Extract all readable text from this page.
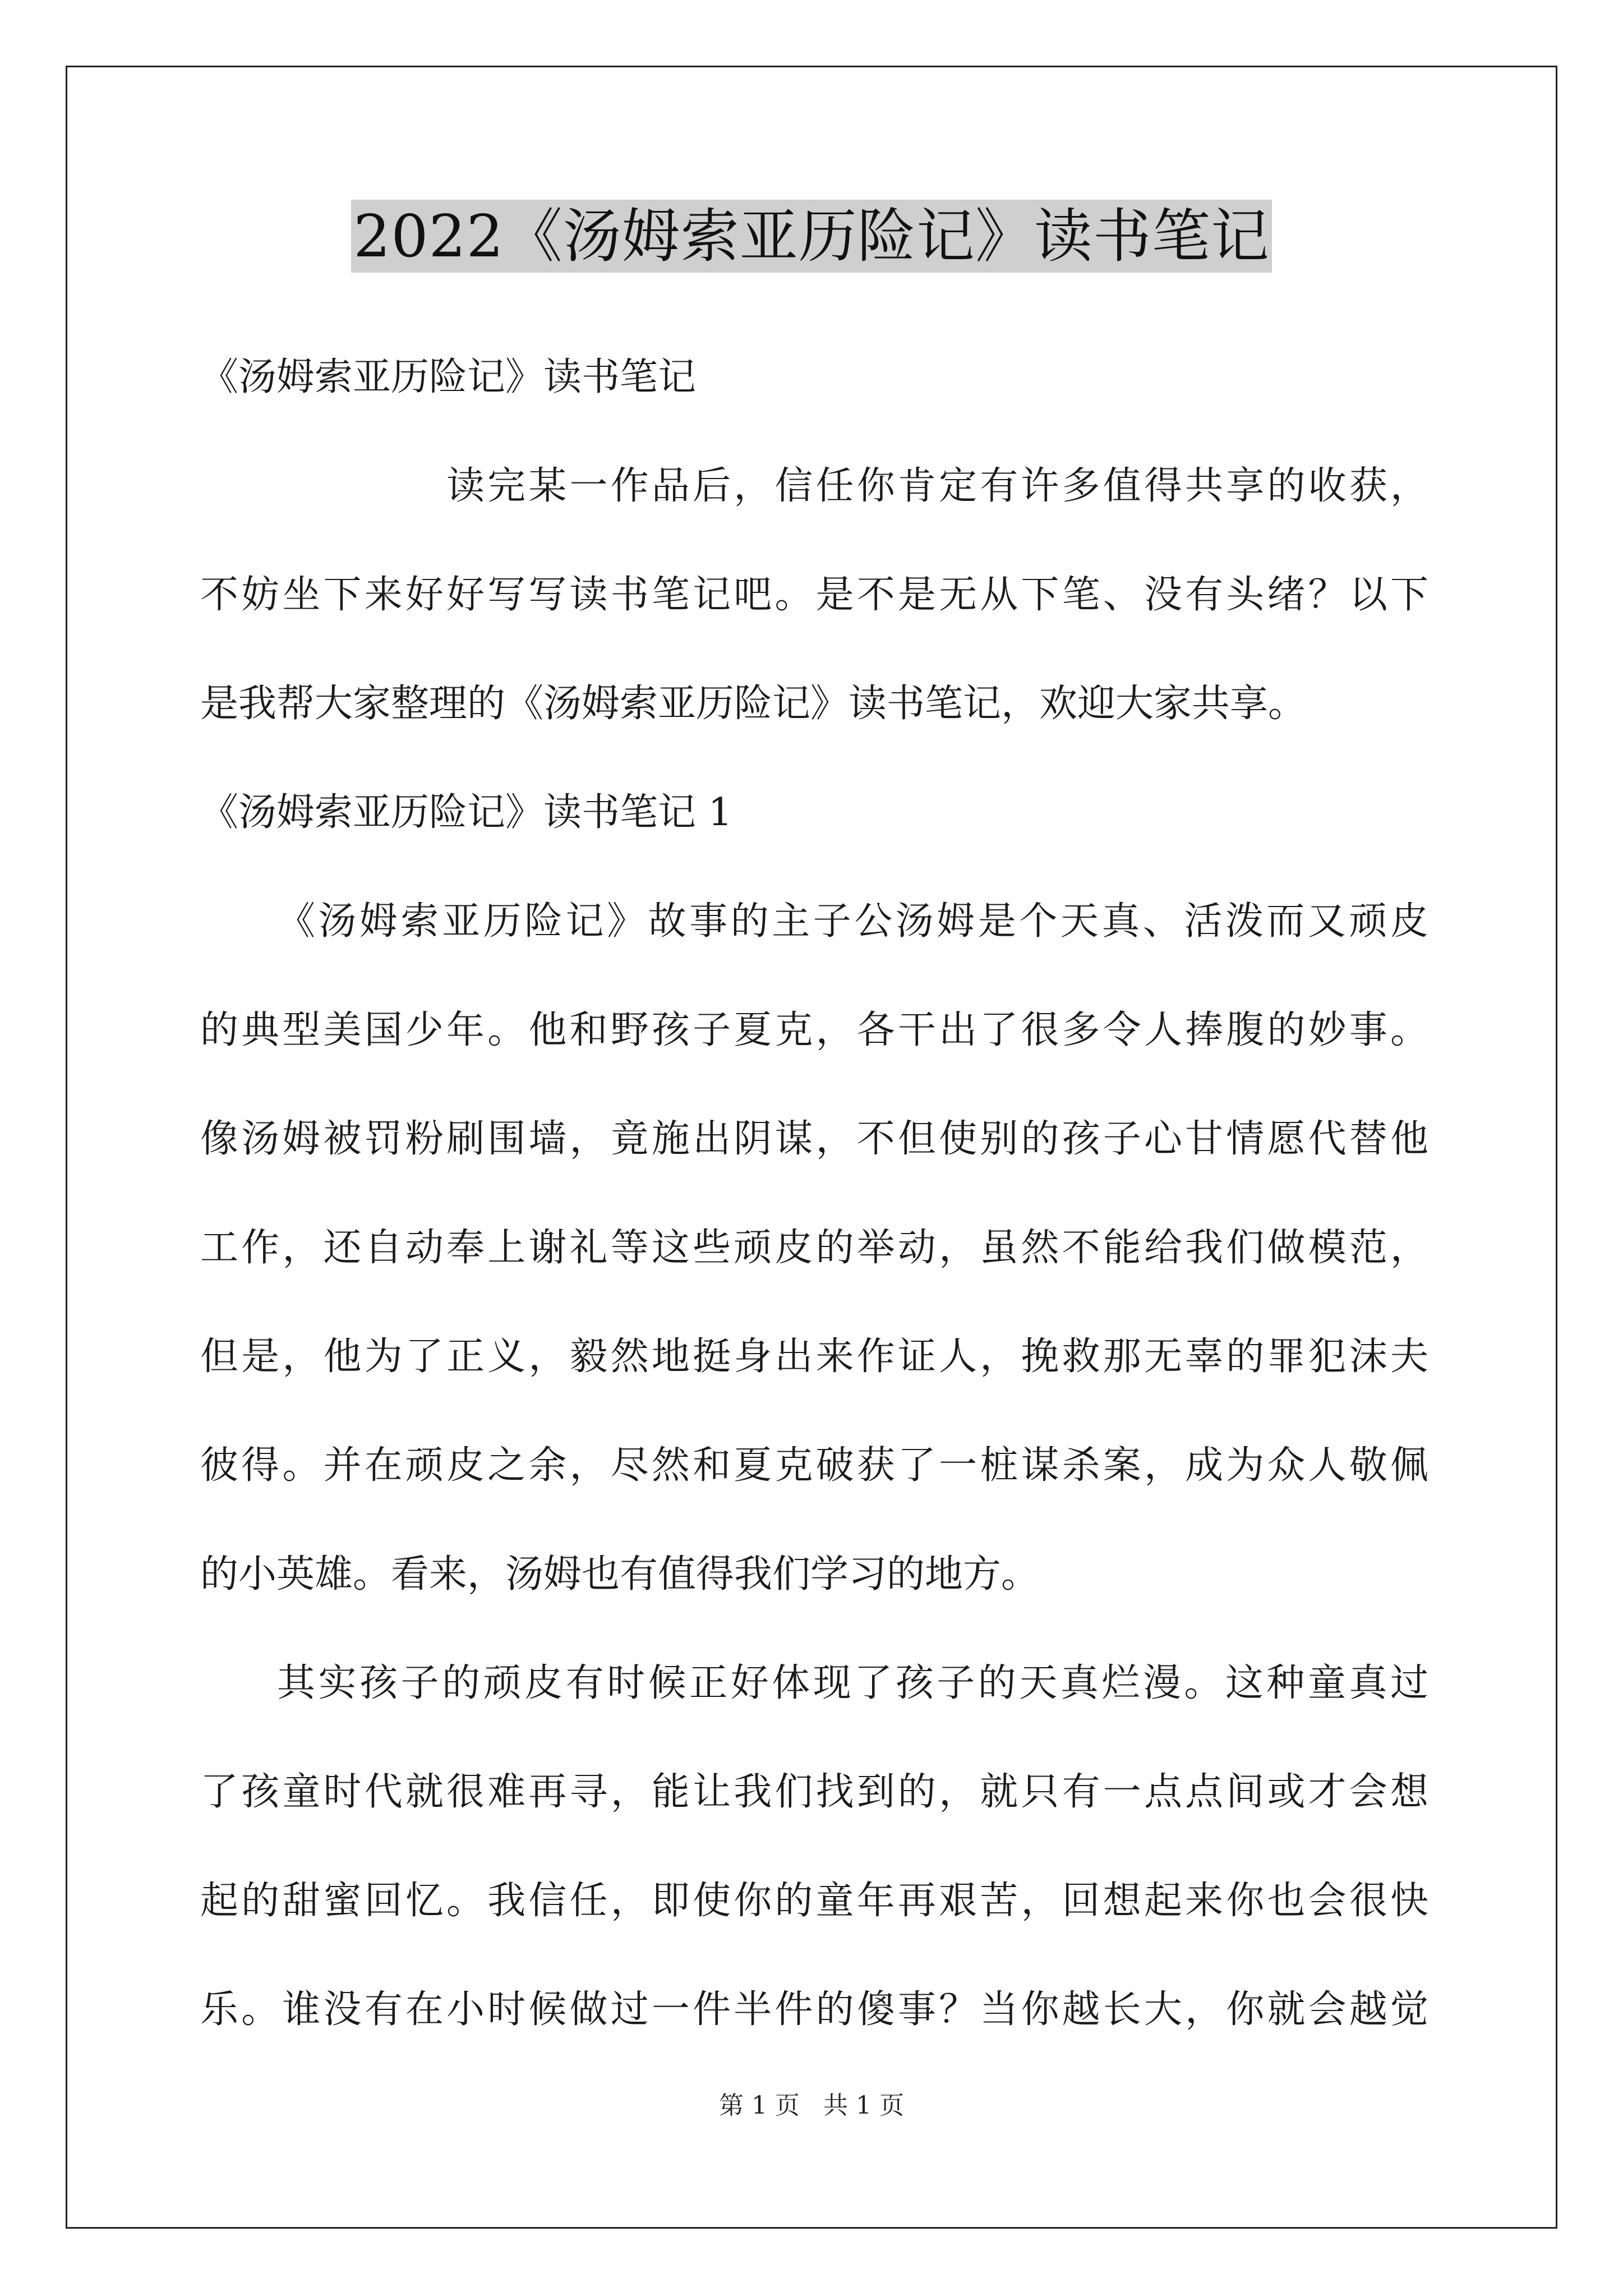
2022《汤姆索亚历险记》读书笔记
《汤姆索亚历险记》读书笔记
读完某一作品后，信任你肯定有许多值得共享的收获，
不妨坐下来好好写写读书笔记吧。是不是无从下笔、没有头绪？以下
是我帮大家整理的《汤姆索亚历险记》读书笔记，欢迎大家共享。
《汤姆索亚历险记》读书笔记 1
《汤姆索亚历险记》故事的主子公汤姆是个天真、活泼而又顽皮
的典型美国少年。他和野孩子夏克，各干出了很多令人捧腹的妙事。
像汤姆被罚粉刷围墙，竟施出阴谋，不但使别的孩子心甘情愿代替他
工作，还自动奉上谢礼等这些顽皮的举动，虽然不能给我们做模范，
但是，他为了正义，毅然地挺身出来作证人，挽救那无辜的罪犯沫夫
彼得。并在顽皮之余，尽然和夏克破获了一桩谋杀案，成为众人敬佩
的小英雄。看来，汤姆也有值得我们学习的地方。
其实孩子的顽皮有时候正好体现了孩子的天真烂漫。这种童真过
了孩童时代就很难再寻，能让我们找到的，就只有一点点间或才会想
起的甜蜜回忆。我信任，即使你的童年再艰苦，回想起来你也会很快
乐。谁没有在小时候做过一件半件的傻事？当你越长大，你就会越觉
第 1 页 共 1 页
